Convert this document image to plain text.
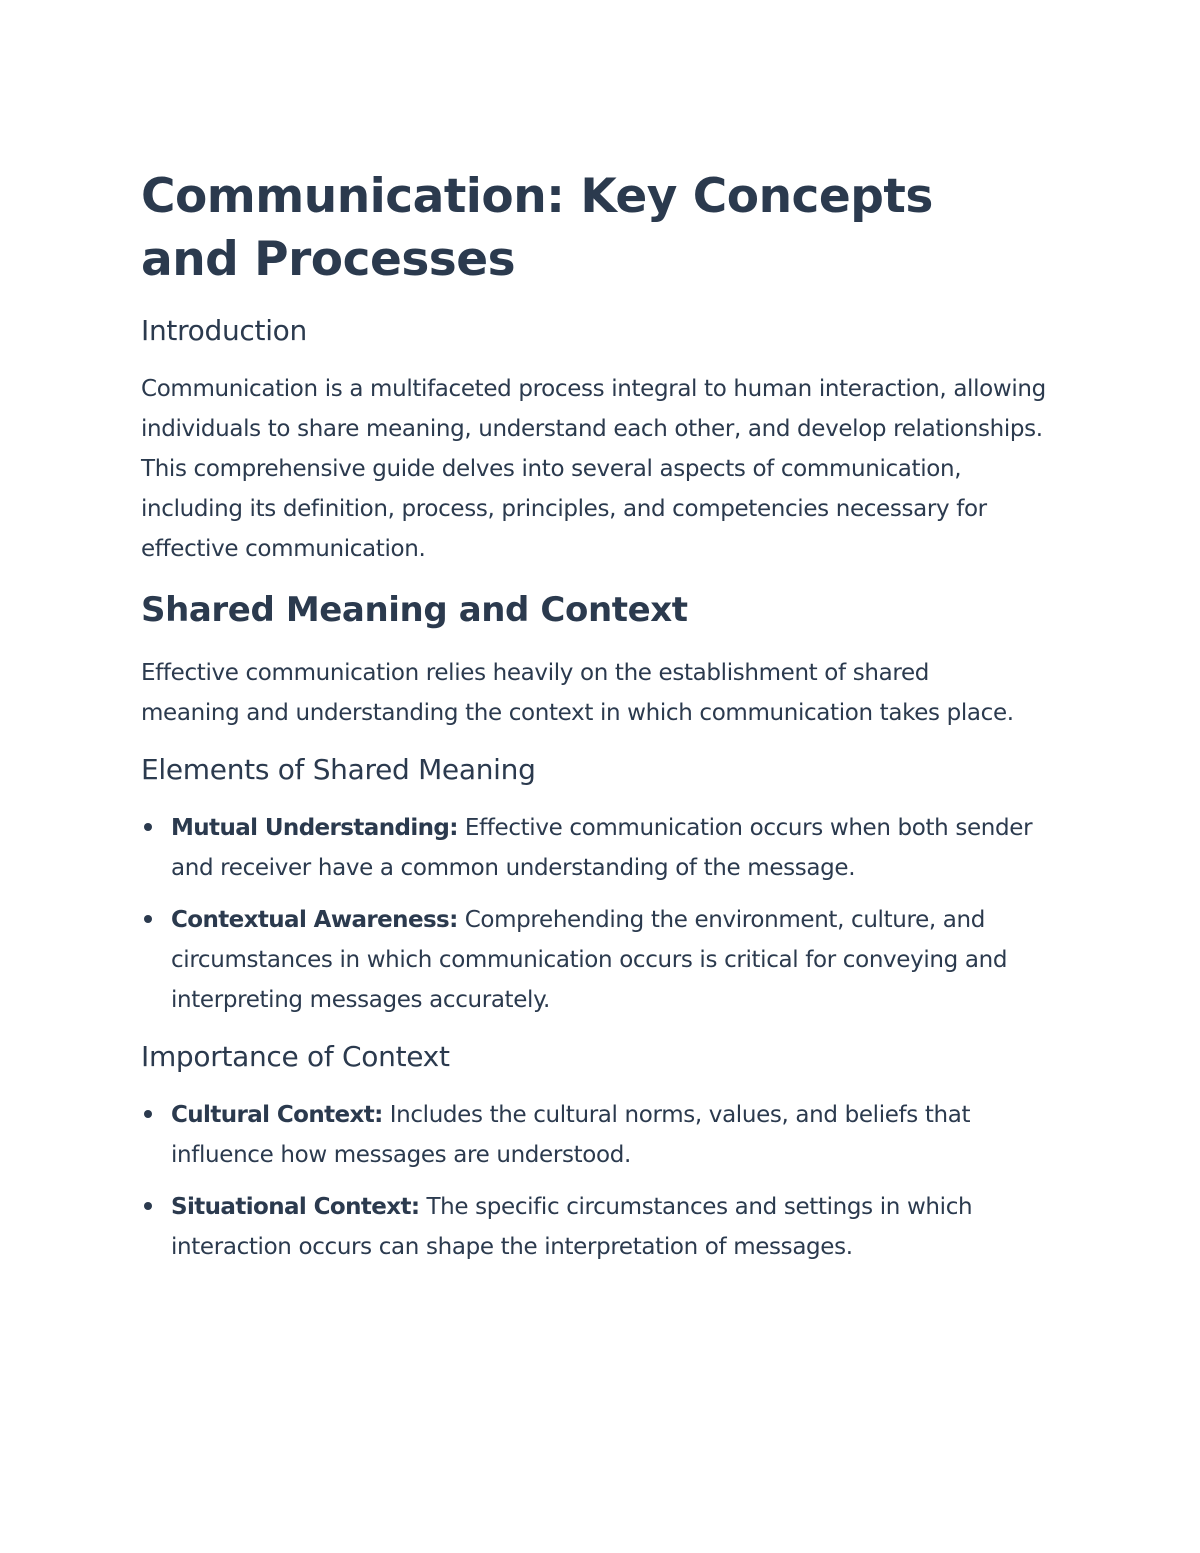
Communication: Key Concepts and Processes
Introduction

Communication is a multifaceted process integral to human interaction, allowing individuals to share meaning, understand each other, and develop relationships. This comprehensive guide delves into several aspects of communication, including its definition, process, principles, and competencies necessary for effective communication.

Shared Meaning and Context

Effective communication relies heavily on the establishment of shared meaning and understanding the context in which communication takes place.

Elements of Shared Meaning
Mutual Understanding: Effective communication occurs when both sender and receiver have a common understanding of the message.
Contextual Awareness: Comprehending the environment, culture, and circumstances in which communication occurs is critical for conveying and interpreting messages accurately.
Importance of Context
Cultural Context: Includes the cultural norms, values, and beliefs that influence how messages are understood.
Situational Context: The specific circumstances and settings in which interaction occurs can shape the interpretation of messages.
